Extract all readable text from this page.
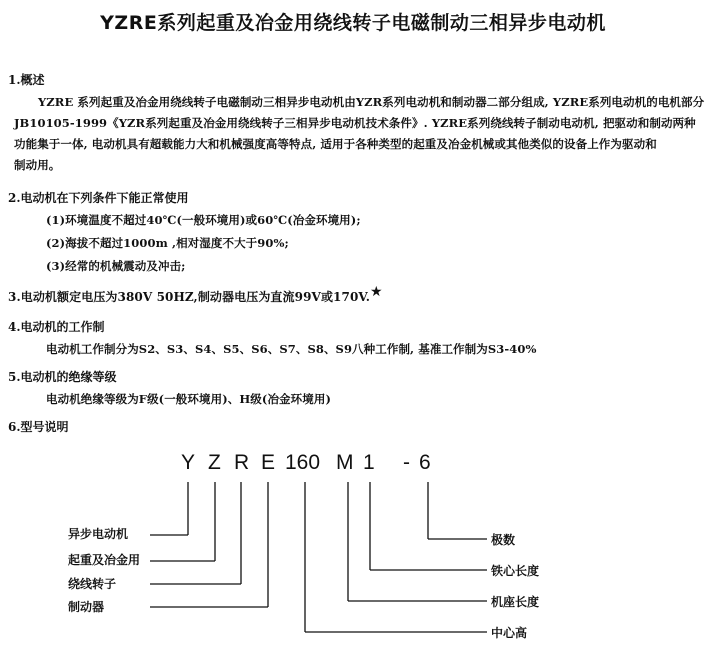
YZRE系列起重及冶金用绕线转子电磁制动三相异步电动机
1.概述
YZRE 系列起重及冶金用绕线转子电磁制动三相异步电动机由YZR系列电动机和制动器二部分组成, YZRE系列电动机的电机部分
JB10105-1999《YZR系列起重及冶金用绕线转子三相异步电动机技术条件》. YZRE系列绕线转子制动电动机, 把驱动和制动两种
功能集于一体, 电动机具有超载能力大和机械强度高等特点, 适用于各种类型的起重及冶金机械或其他类似的设备上作为驱动和
制动用。
2.电动机在下列条件下能正常使用
(1)环境温度不超过40℃(一般环境用)或60℃(冶金环境用);
(2)海拔不超过1000m ,相对湿度不大于90%;
(3)经常的机械震动及冲击;
3.电动机额定电压为380V 50HZ,制动器电压为直流99V或170V.★
4.电动机的工作制
电动机工作制分为S2、S3、S4、S5、S6、S7、S8、S9八种工作制, 基准工作制为S3-40%
5.电动机的绝缘等级
电动机绝缘等级为F级(一般环境用)、H级(冶金环境用)
6.型号说明
Y Z R E 160 M 1 - 6
异步电动机
起重及冶金用
绕线转子
制动器
极数
铁心长度
机座长度
中心高
